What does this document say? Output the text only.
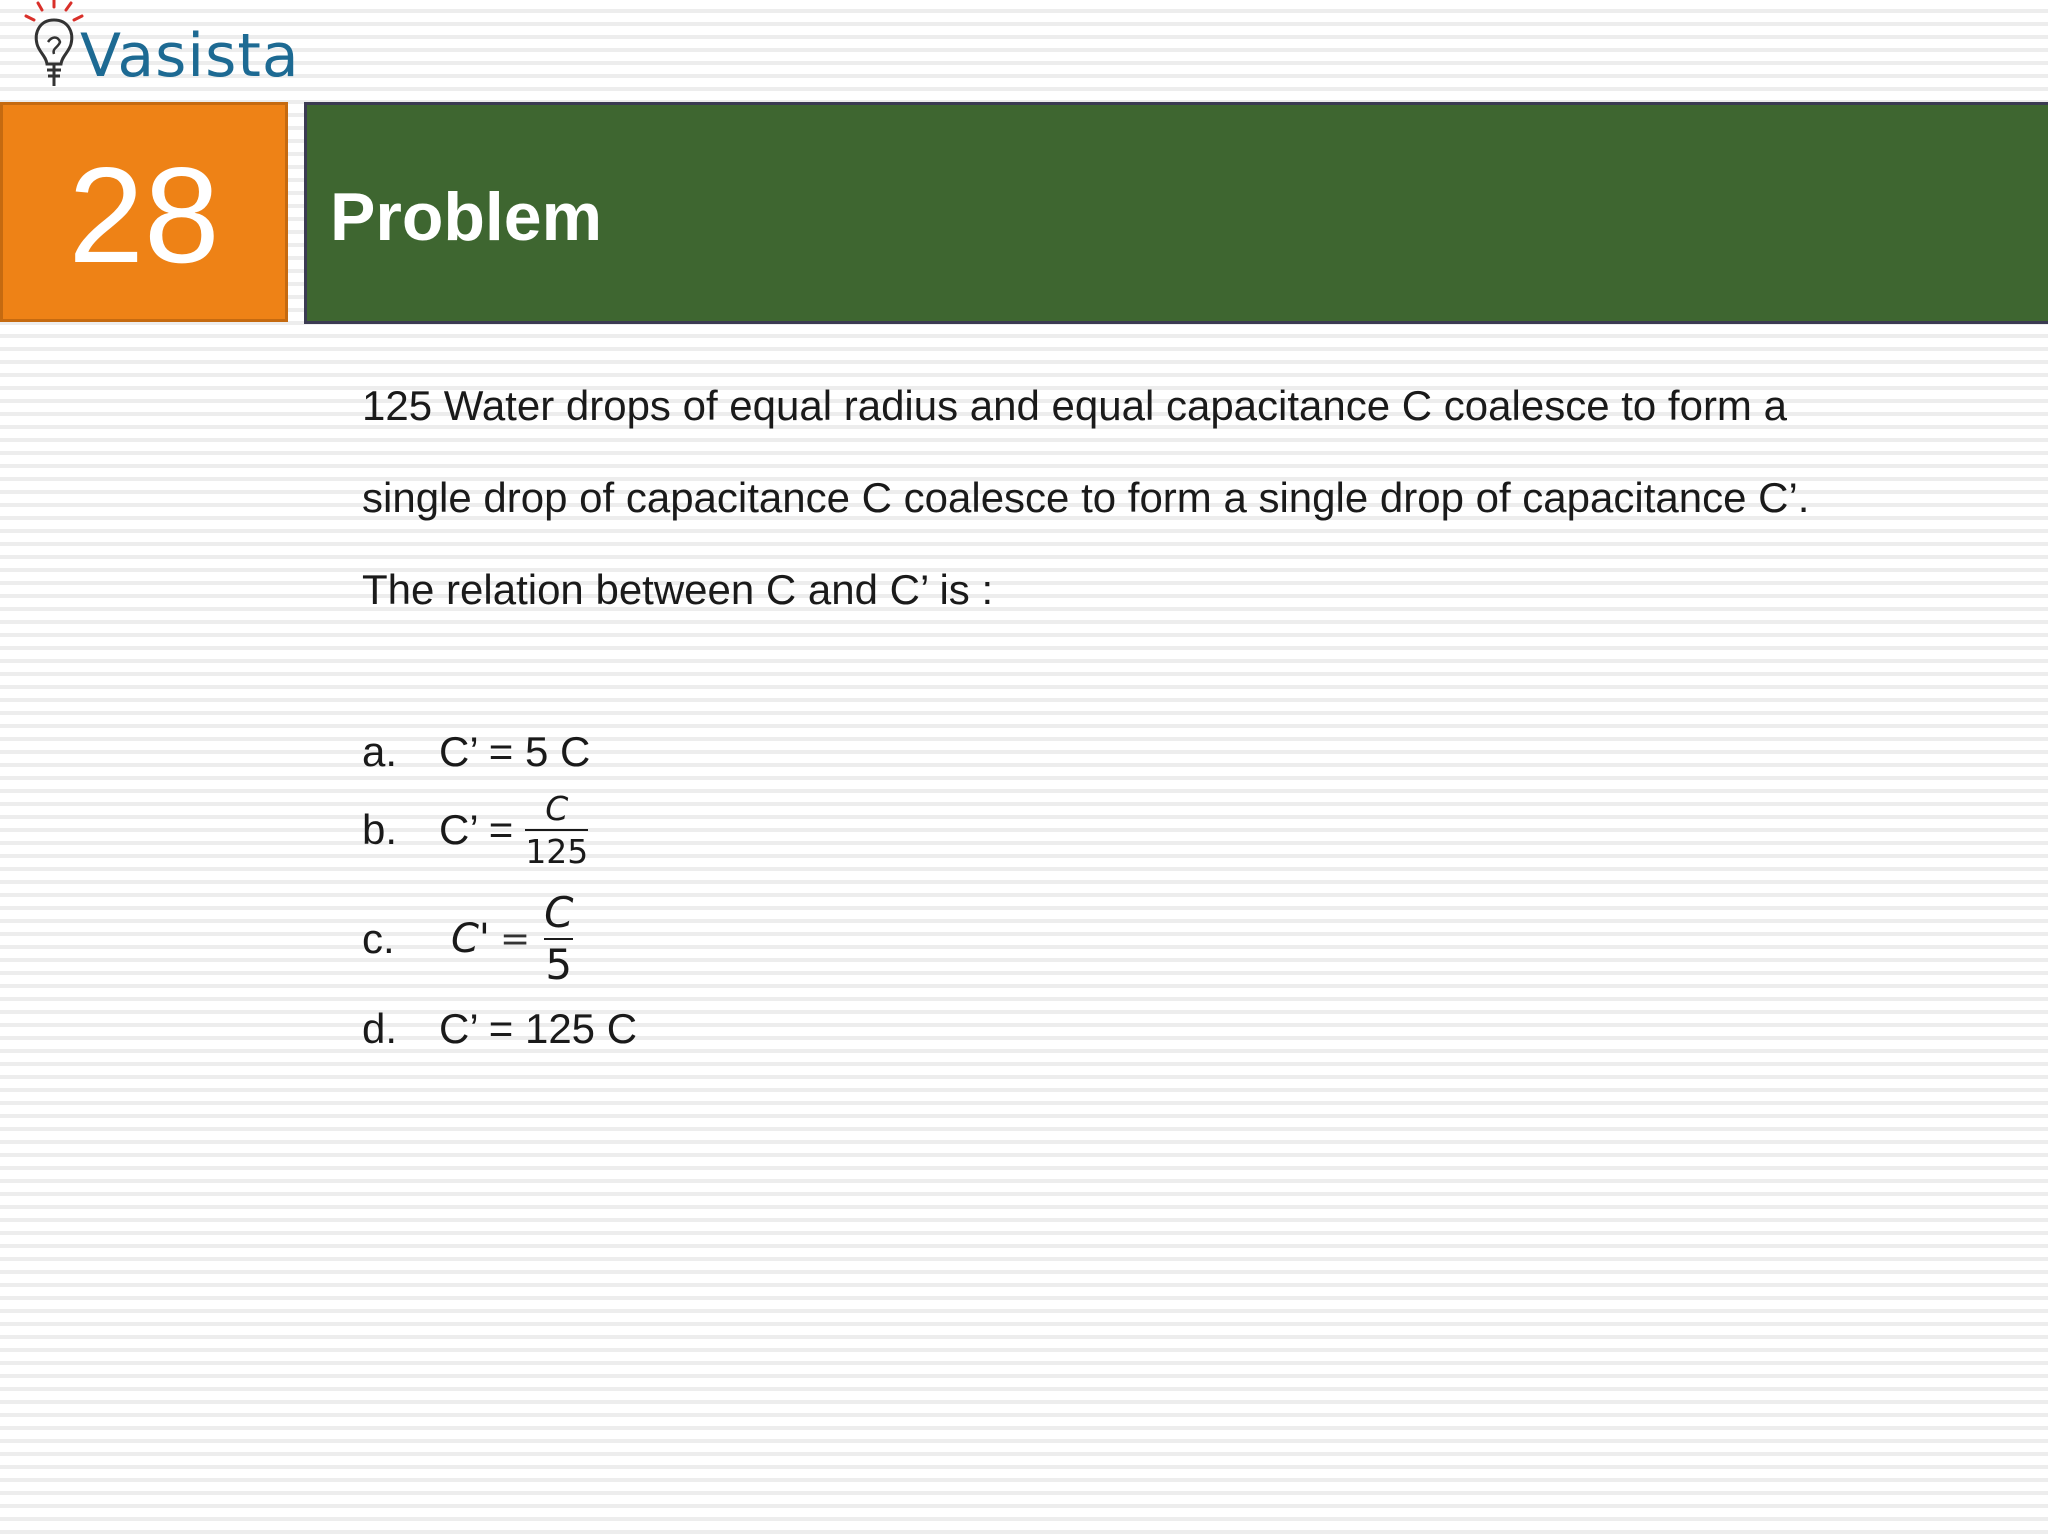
Vasista
28 Problem

125 Water drops of equal radius and equal capacitance C coalesce to form a

single drop of capacitance C coalesce to form a single drop of capacitance C’.

The relation between C and C’ is :

a. C’ = 5 C
b. C’ = $\frac{C}{125}$
c.	$C' = \frac{C}{5}$
d. C’ = 125 C
